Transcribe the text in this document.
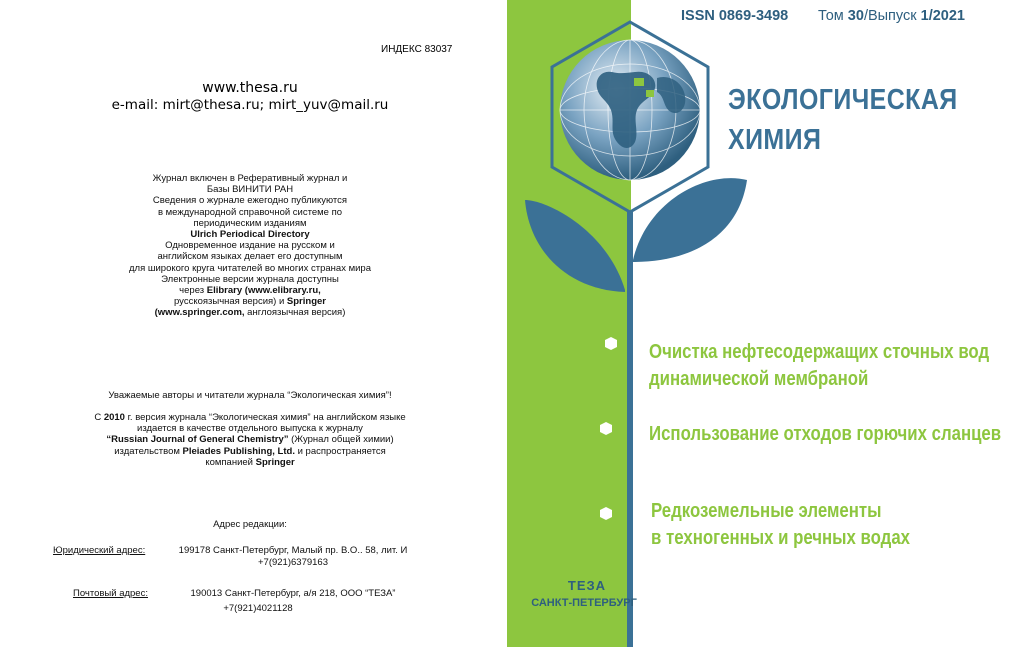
ИНДЕКС 83037
www.thesa.ru
e-mail: mirt@thesa.ru; mirt_yuv@mail.ru
Журнал включен в Реферативный журнал и
Базы ВИНИТИ РАН
Сведения о журнале ежегодно публикуются
в международной справочной системе по
периодическим изданиям
Ulrich Periodical Directory
Одновременное издание на русском и
английском языках делает его доступным
для широкого круга читателей во многих странах мира
Электронные версии журнала доступны
через Elibrary (www.elibrary.ru,
русскоязычная версия) и Springer
(www.springer.com, англоязычная версия)
Уважаемые авторы и читатели журнала “Экологическая химия”!
С 2010 г. версия журнала “Экологическая химия” на английском языке
издается в качестве отдельного выпуска к журналу
“Russian Journal of General Chemistry” (Журнал общей химии)
издательством Pleiades Publishing, Ltd. и распространяется
компанией Springer
Адрес редакции:
Юридический адрес:	199178 Санкт-Петербург, Малый пр. В.О.. 58, лит. И
+7(921)6379163
Почтовый адрес:	190013 Санкт-Петербург, а/я 218, ООО “ТЕЗА”
+7(921)4021128
ISSN 0869-3498 Том 30/Выпуск 1/2021
ЭКОЛОГИЧЕСКАЯ
ХИМИЯ
Очистка нефтесодержащих сточных вод
динамической мембраной
Использование отходов горючих сланцев
Редкоземельные элементы
в техногенных и речных водах
ТЕЗА
САНКТ-ПЕТЕРБУРГ
